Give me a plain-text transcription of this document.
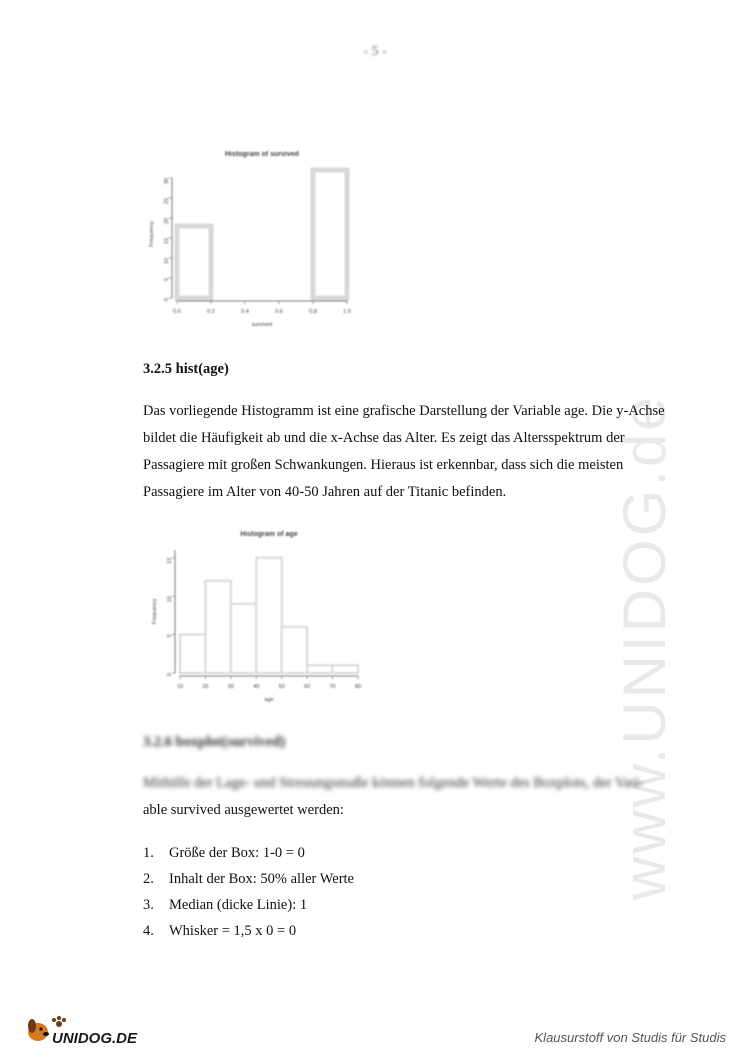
- 5 -
www.UNIDOG.de
Histogram of survived
0.0	0.2	0.4	0.6	0.8	1.0
0
5
10
15
20
25
30
survived
Frequency
3.2.5 hist(age)

Das vorliegende Histogramm ist eine grafische Darstellung der Variable age. Die y-Achse bildet die Häufigkeit ab und die x-Achse das Alter. Es zeigt das Altersspektrum der Passagiere mit großen Schwankungen. Hieraus ist erkennbar, dass sich die meisten Passagiere im Alter von 40-50 Jahren auf der Titanic befinden.

Histogram of age
10	20	30	40	50	60	70	80
0
5
10
15
age
Frequency
3.2.6 boxplot(survived)

Mithilfe der Lage- und Streuungsmaße können folgende Werte des Boxplots, der Vari-

able survived ausgewertet werden:

1.	Größe der Box: 1-0 = 0
2.	Inhalt der Box: 50% aller Werte
3.	Median (dicke Linie): 1
4.	Whisker = 1,5 x 0 = 0
UNIDOG.DE	Klausurstoff von Studis für Studis
